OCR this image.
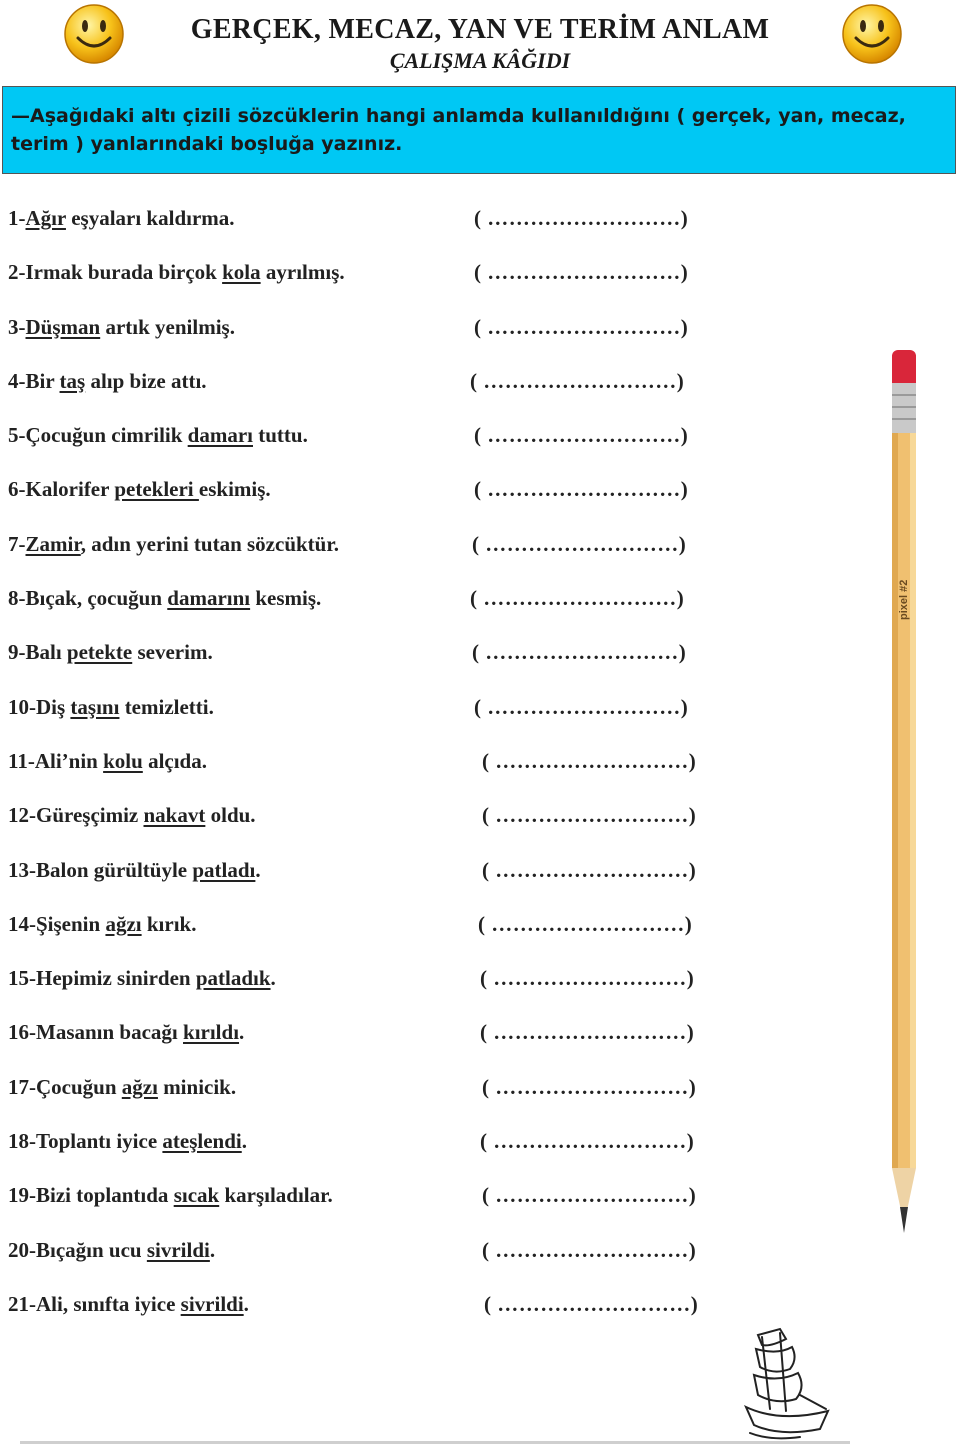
GERÇEK, MECAZ, YAN VE TERİM ANLAM
ÇALIŞMA KÂĞIDI
—Aşağıdaki altı çizili sözcüklerin hangi anlamda kullanıldığını ( gerçek, yan, mecaz,
terim ) yanlarındaki boşluğa yazınız.
1-Ağır eşyaları kaldırma.	( ………………………)
2-Irmak burada birçok kola ayrılmış.	( ………………………)
3-Düşman artık yenilmiş.	( ………………………)
4-Bir taş alıp bize attı.	( ………………………)
5-Çocuğun cimrilik damarı tuttu.	( ………………………)
6-Kalorifer petekleri eskimiş.	( ………………………)
7-Zamir, adın yerini tutan sözcüktür.	( ………………………)
8-Bıçak, çocuğun damarını kesmiş.	( ………………………)
9-Balı petekte severim.	( ………………………)
10-Diş taşını temizletti.	( ………………………)
11-Ali’nin kolu alçıda.	( ………………………)
12-Güreşçimiz nakavt oldu.	( ………………………)
13-Balon gürültüyle patladı.	( ………………………)
14-Şişenin ağzı kırık.	( ………………………)
15-Hepimiz sinirden patladık.	( ………………………)
16-Masanın bacağı kırıldı.	( ………………………)
17-Çocuğun ağzı minicik.	( ………………………)
18-Toplantı iyice ateşlendi.	( ………………………)
19-Bizi toplantıda sıcak karşıladılar.	( ………………………)
20-Bıçağın ucu sivrildi.	( ………………………)
21-Ali, sınıfta iyice sivrildi.	( ………………………)
pixel #2
